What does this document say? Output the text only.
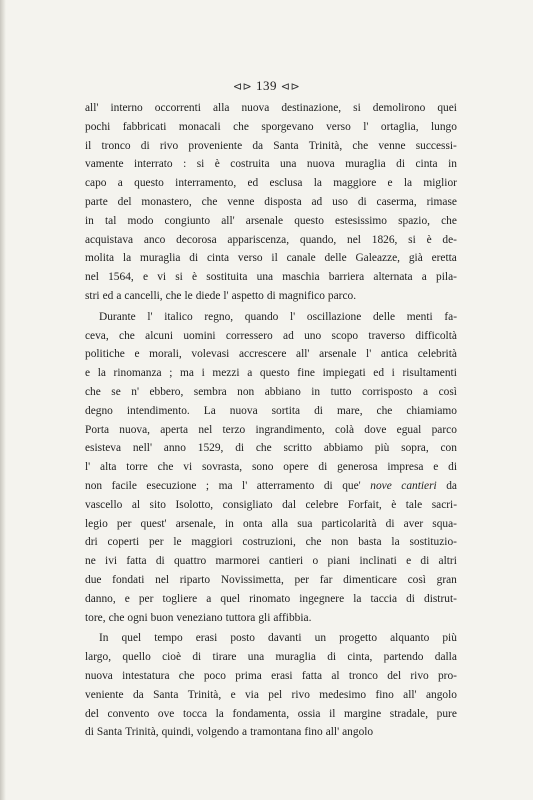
⊲⊳ 139 ⊲⊳
all' interno occorrenti alla nuova destinazione, si demolirono quei
pochi fabbricati monacali che sporgevano verso l' ortaglia, lungo
il tronco di rivo proveniente da Santa Trinità, che venne successi-
vamente interrato : si è costruita una nuova muraglia di cinta in
capo a questo interramento, ed esclusa la maggiore e la miglior
parte del monastero, che venne disposta ad uso di caserma, rimase
in tal modo congiunto all' arsenale questo estesissimo spazio, che
acquistava anco decorosa appariscenza, quando, nel 1826, si è de-
molita la muraglia di cinta verso il canale delle Galeazze, già eretta
nel 1564, e vi si è sostituita una maschia barriera alternata a pila-
stri ed a cancelli, che le diede l' aspetto di magnifico parco.
Durante l' italico regno, quando l' oscillazione delle menti fa-
ceva, che alcuni uomini corressero ad uno scopo traverso difficoltà
politiche e morali, volevasi accrescere all' arsenale l' antica celebrità
e la rinomanza ; ma i mezzi a questo fine impiegati ed i risultamenti
che se n' ebbero, sembra non abbiano in tutto corrisposto a così
degno intendimento. La nuova sortita di mare, che chiamiamo
Porta nuova, aperta nel terzo ingrandimento, colà dove egual parco
esisteva nell' anno 1529, di che scritto abbiamo più sopra, con
l' alta torre che vi sovrasta, sono opere di generosa impresa e di
non facile esecuzione ; ma l' atterramento di que' nove cantieri da
vascello al sito Isolotto, consigliato dal celebre Forfait, è tale sacri-
legio per quest' arsenale, in onta alla sua particolarità di aver squa-
dri coperti per le maggiori costruzioni, che non basta la sostituzio-
ne ivi fatta di quattro marmorei cantieri o piani inclinati e di altri
due fondati nel riparto Novissimetta, per far dimenticare così gran
danno, e per togliere a quel rinomato ingegnere la taccia di distrut-
tore, che ogni buon veneziano tuttora gli affibbia.
In quel tempo erasi posto davanti un progetto alquanto più
largo, quello cioè di tirare una muraglia di cinta, partendo dalla
nuova intestatura che poco prima erasi fatta al tronco del rivo pro-
veniente da Santa Trinità, e via pel rivo medesimo fino all' angolo
del convento ove tocca la fondamenta, ossia il margine stradale, pure
di Santa Trinità, quindi, volgendo a tramontana fino all' angolo
